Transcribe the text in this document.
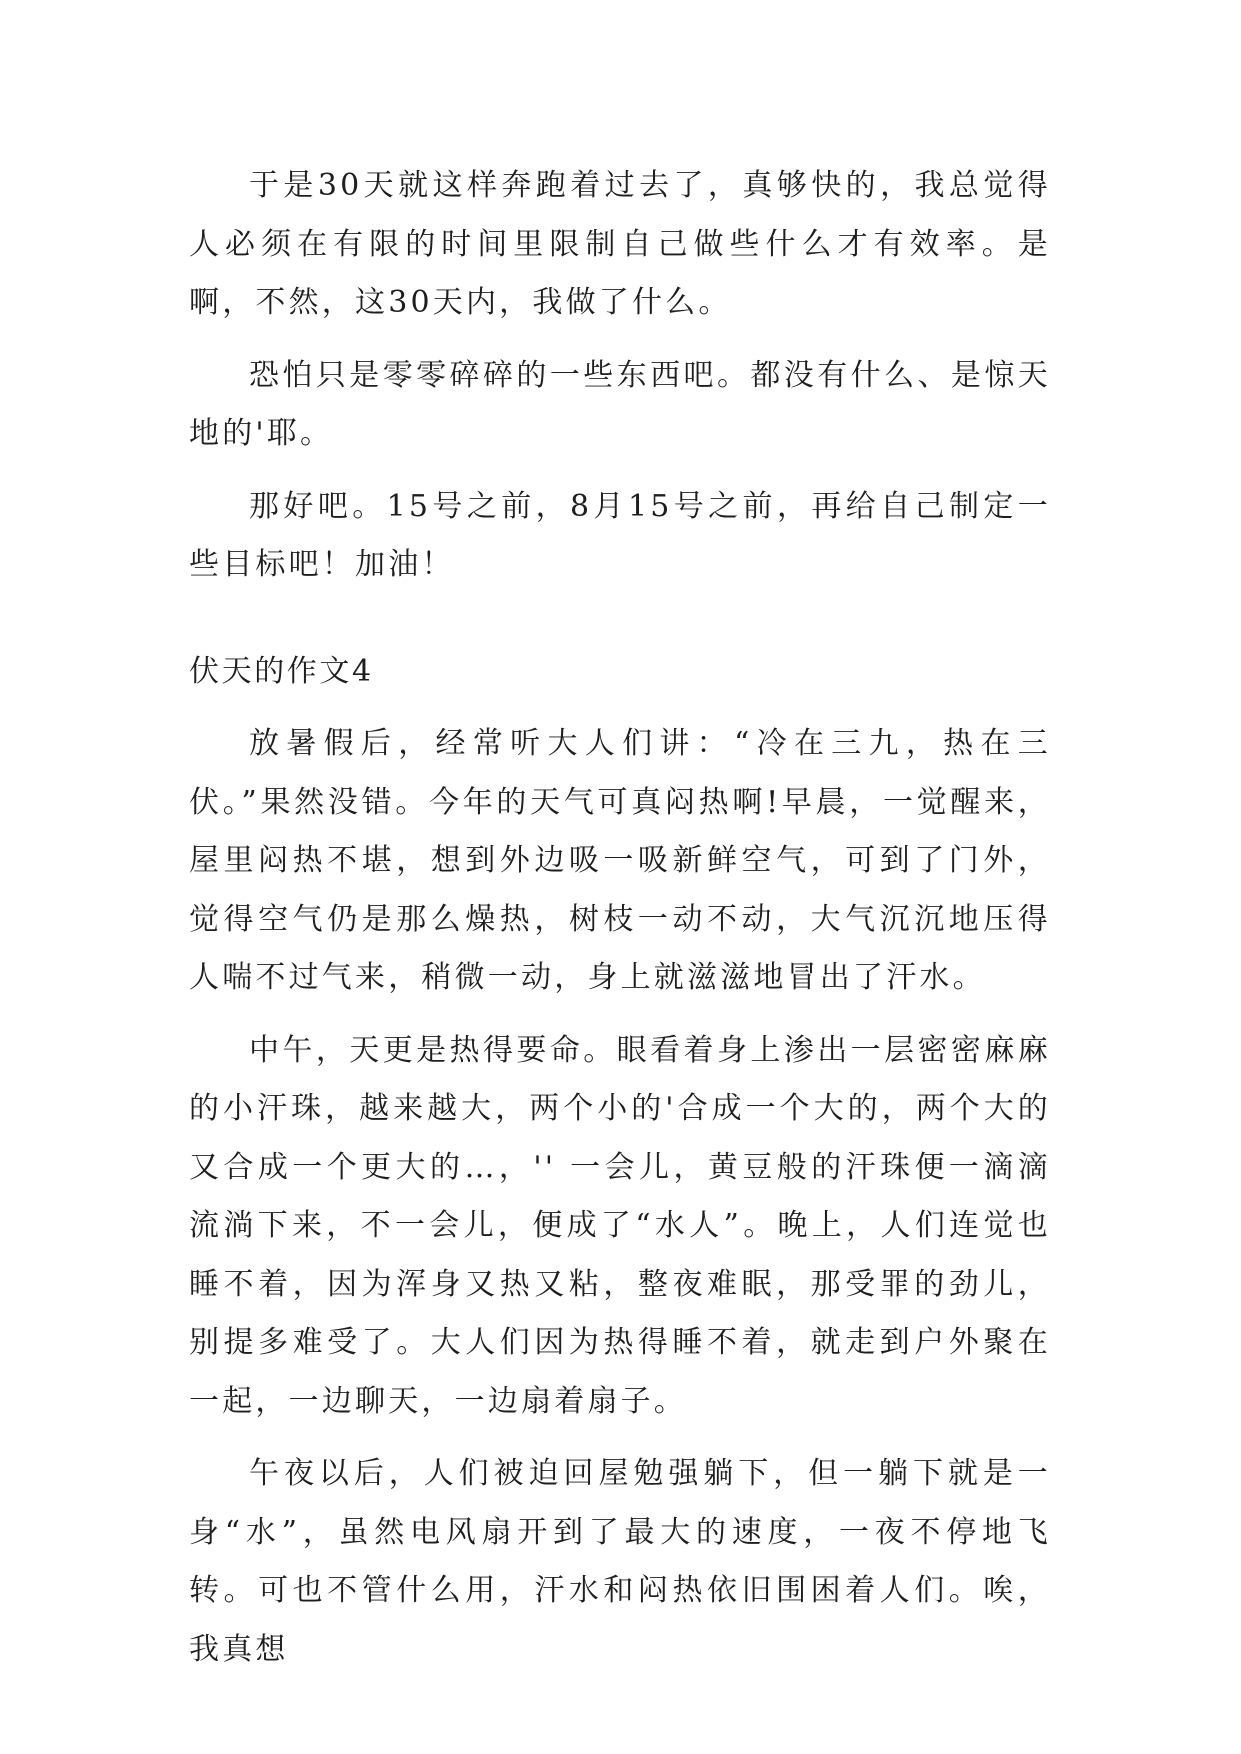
于是30天就这样奔跑着过去了，真够快的，我总觉得人必须在有限的时间里限制自己做些什么才有效率。是啊，不然，这30天内，我做了什么。

恐怕只是零零碎碎的一些东西吧。都没有什么、是惊天地的'耶。

那好吧。15号之前，8月15号之前，再给自己制定一些目标吧！加油！

伏天的作文4

放暑假后，经常听大人们讲：“冷在三九，热在三伏。”果然没错。今年的天气可真闷热啊!早晨，一觉醒来，屋里闷热不堪，想到外边吸一吸新鲜空气，可到了门外，觉得空气仍是那么燥热，树枝一动不动，大气沉沉地压得人喘不过气来，稍微一动，身上就滋滋地冒出了汗水。

中午，天更是热得要命。眼看着身上渗出一层密密麻麻的小汗珠，越来越大，两个小的'合成一个大的，两个大的又合成一个更大的…，'' 一会儿，黄豆般的汗珠便一滴滴流淌下来，不一会儿，便成了“水人”。晚上，人们连觉也睡不着，因为浑身又热又粘，整夜难眠，那受罪的劲儿，别提多难受了。大人们因为热得睡不着，就走到户外聚在一起，一边聊天，一边扇着扇子。

午夜以后，人们被迫回屋勉强躺下，但一躺下就是一身“水”，虽然电风扇开到了最大的速度，一夜不停地飞转。可也不管什么用，汗水和闷热依旧围困着人们。唉，我真想
